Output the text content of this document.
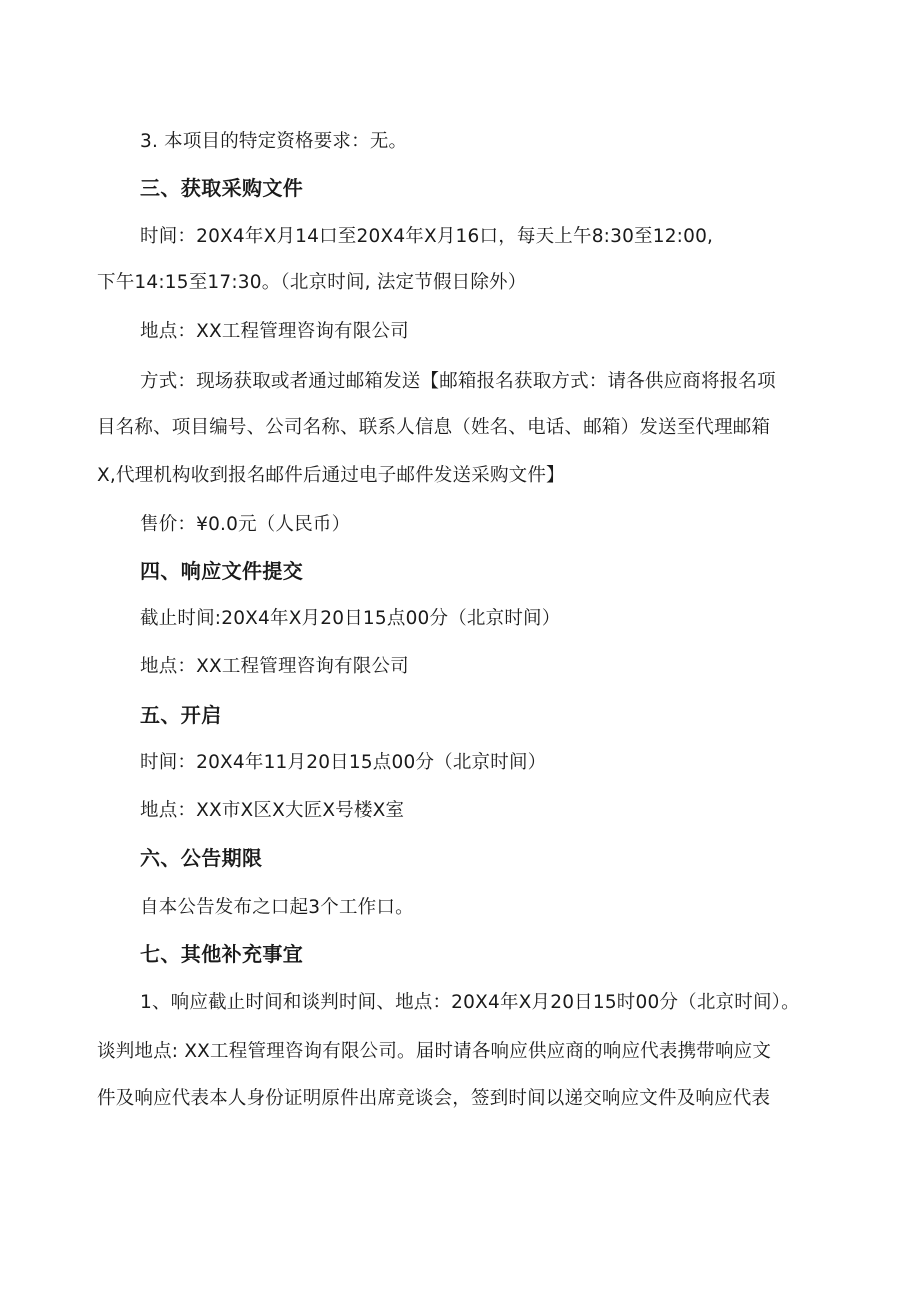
3. 本项目的特定资格要求：无。
三、获取采购文件
时间：20X4年X月14口至20X4年X月16口，每天上午8:30至12:00,
下午14:15至17:30。（北京时间, 法定节假日除外）
地点：XX工程管理咨询有限公司
方式：现场获取或者通过邮箱发送【邮箱报名获取方式：请各供应商将报名项
目名称、项目编号、公司名称、联系人信息（姓名、电话、邮箱）发送至代理邮箱
X,代理机构收到报名邮件后通过电子邮件发送采购文件】
售价：¥0.0元（人民币）
四、响应文件提交
截止时间:20X4年X月20日15点00分（北京时间）
地点：XX工程管理咨询有限公司
五、开启
时间：20X4年11月20日15点00分（北京时间）
地点：XX市X区X大匠X号楼X室
六、公告期限
自本公告发布之口起3个工作口。
七、其他补充事宜
1、响应截止时间和谈判时间、地点：20X4年X月20日15时00分（北京时间）。
谈判地点: XX工程管理咨询有限公司。届时请各响应供应商的响应代表携带响应文
件及响应代表本人身份证明原件出席竞谈会，签到时间以递交响应文件及响应代表
